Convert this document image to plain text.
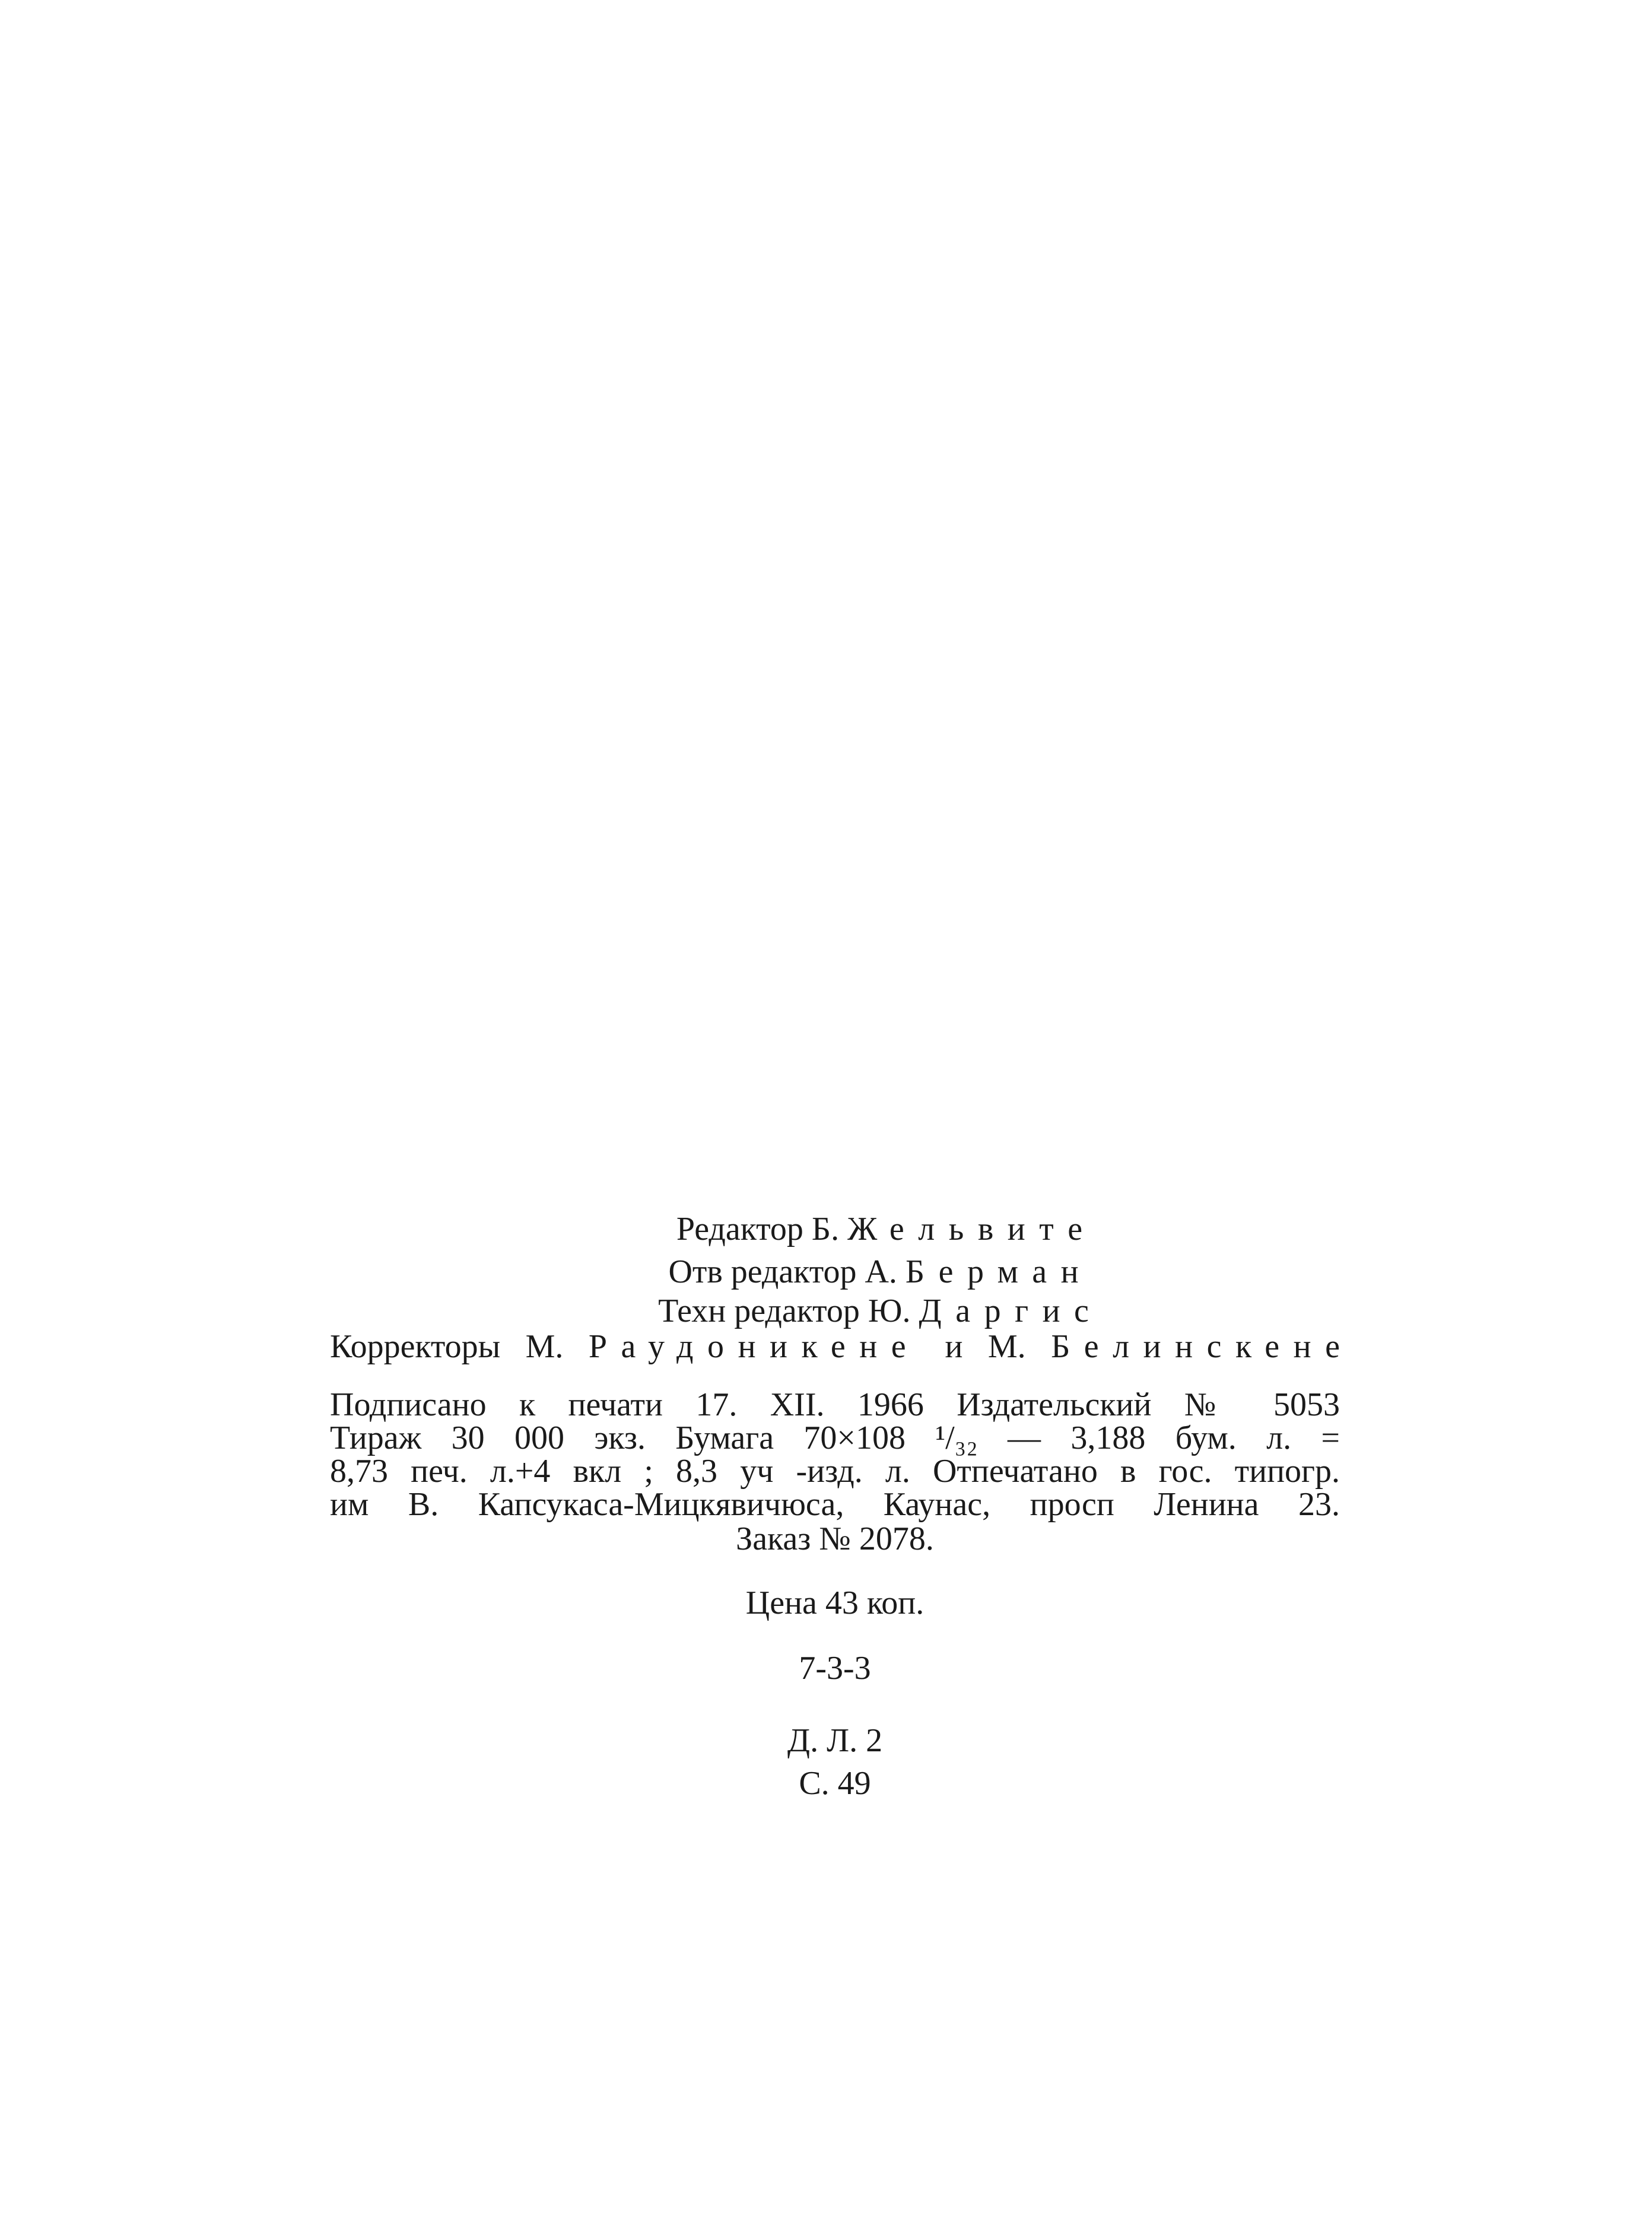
Редактор Б. Жельвите
Отв редактор А. Берман
Техн редактор Ю. Даргис
Корректоры М. Раудоникене и М. Белинскене
Подписано к печати 17. XII. 1966 Издательский № 5053
Тираж 30 000 экз. Бумага 70×108 ¹/₃₂ — 3,188 бум. л. =
8,73 печ. л.+4 вкл ; 8,3 уч -изд. л. Отпечатано в гос. типогр.
им В. Капсукаса-Мицкявичюса, Каунас, просп Ленина 23.
Заказ № 2078.
Цена 43 коп.
7-3-3
Д. Л. 2
С. 49
